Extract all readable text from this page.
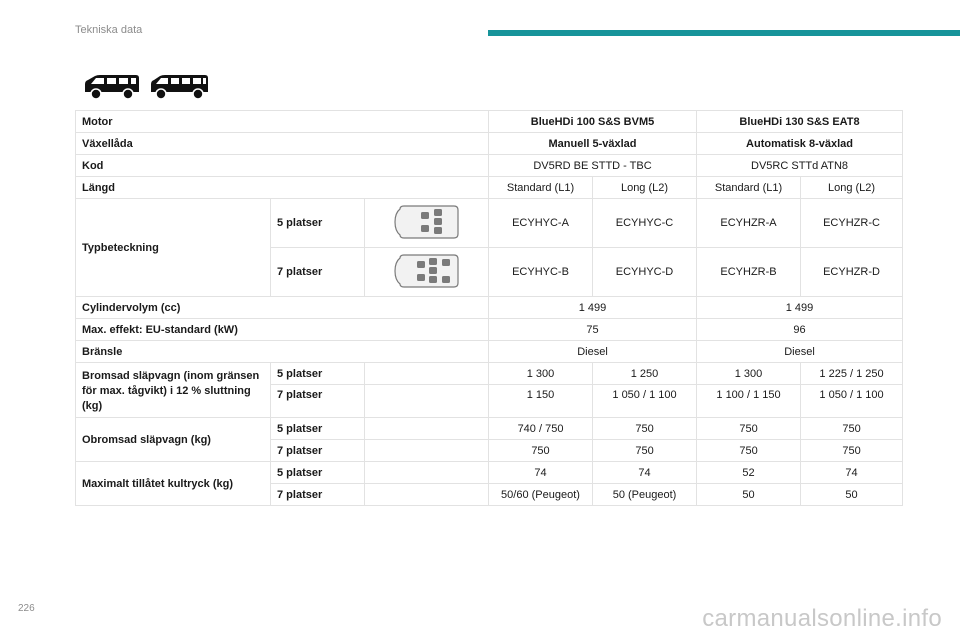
Tekniska data
Motor			BlueHDi 100 S&S BVM5		BlueHDi 130 S&S EAT8	
Växellåda			Manuell 5-växlad		Automatisk 8-växlad	
Kod			DV5RD BE STTD - TBC		DV5RC STTd ATN8	
Längd			Standard (L1)	Long (L2)	Standard (L1)	Long (L2)
Typbeteckning	5 platser		ECYHYC-A	ECYHYC-C	ECYHZR-A	ECYHZR-C
	7 platser		ECYHYC-B	ECYHYC-D	ECYHZR-B	ECYHZR-D
Cylindervolym (cc)			1 499		1 499	
Max. effekt: EU-standard (kW)			75		96	
Bränsle			Diesel		Diesel	
Bromsad släpvagn (inom gränsen för max. tågvikt) i 12 % sluttning (kg)	5 platser		1 300	1 250	1 300	1 225 / 1 250
	7 platser		1 150	1 050 / 1 100	1 100 / 1 150	1 050 / 1 100
Obromsad släpvagn (kg)	5 platser		740 / 750	750	750	750
	7 platser		750	750	750	750
Maximalt tillåtet kultryck (kg)	5 platser		74	74	52	74
	7 platser		50/60 (Peugeot)	50 (Peugeot)	50	50
226	carmanualsonline.info
